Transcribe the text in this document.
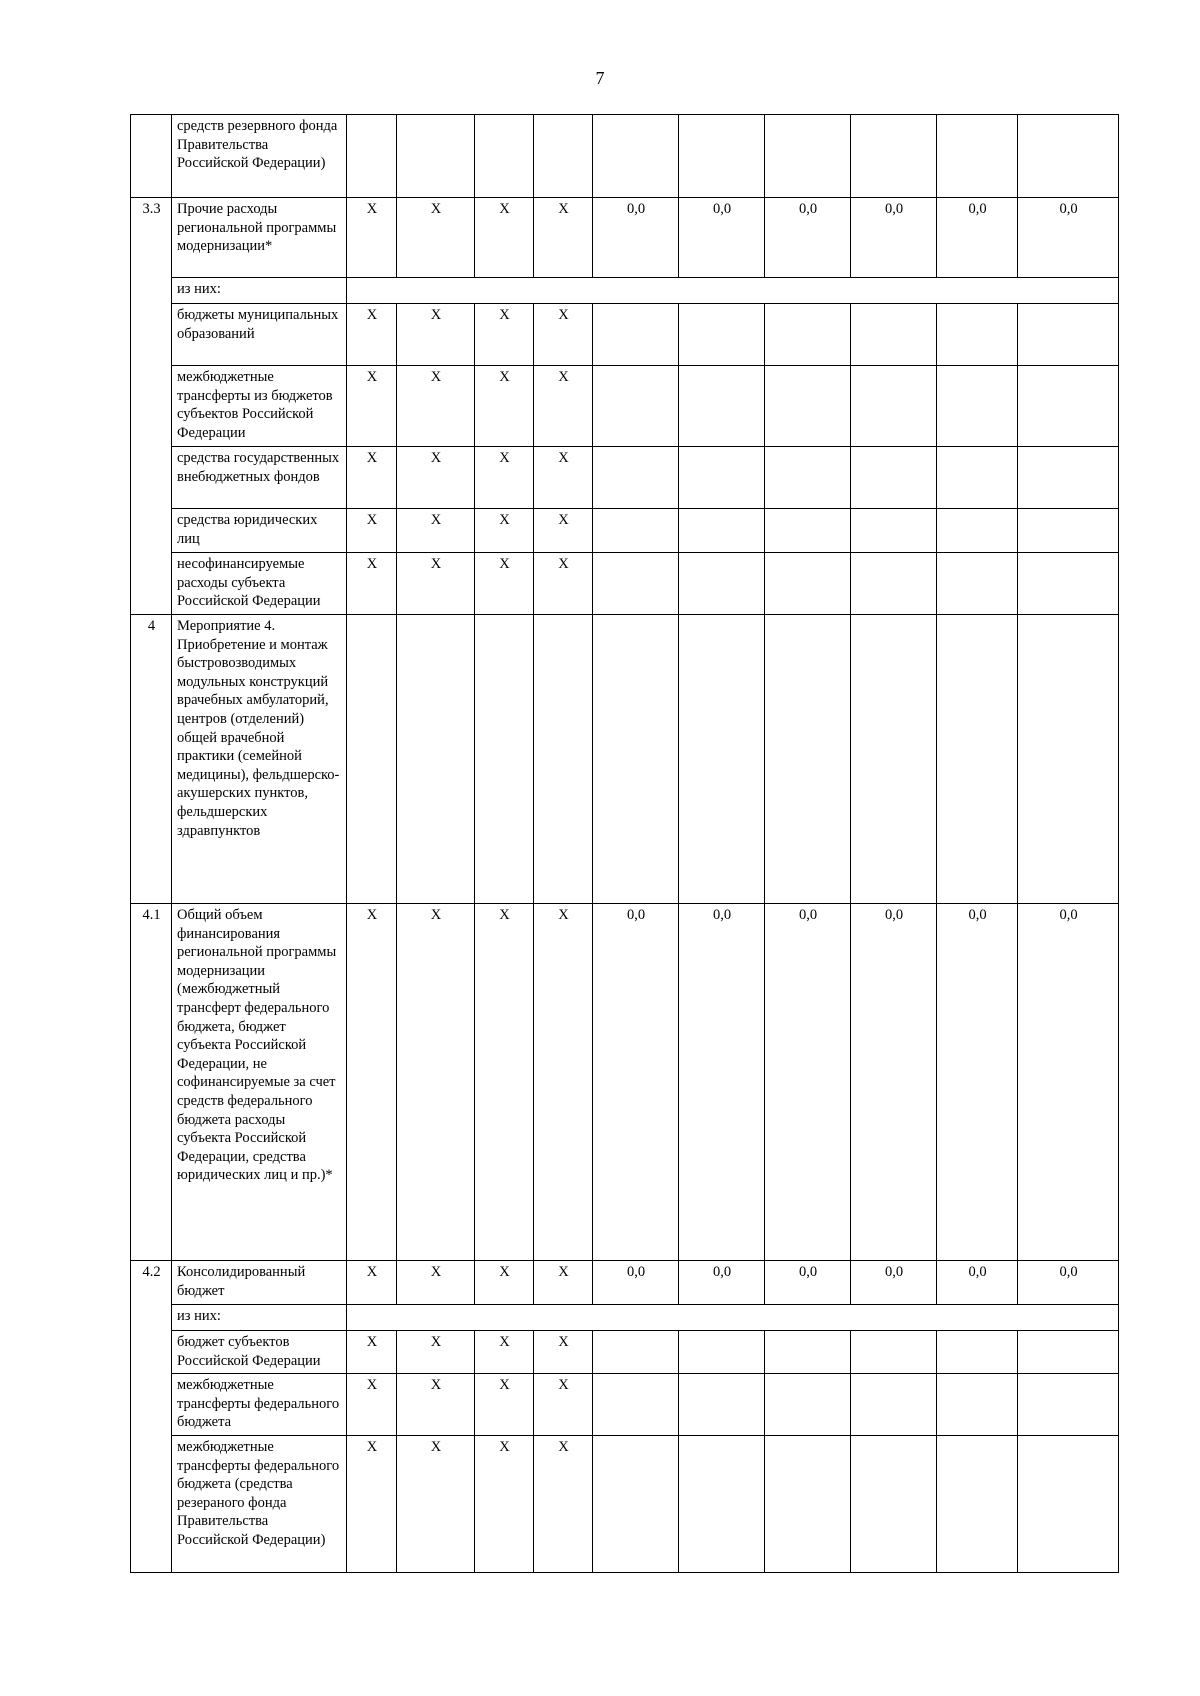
7
	средств резервного фонда Правительства Российской Федерации)										
3.3	Прочие расходы региональной программы модернизации*	X	X	X	X	0,0	0,0	0,0	0,0	0,0	0,0
	из них:										
	бюджеты муниципальных образований	X	X	X	X						
	межбюджетные трансферты из бюджетов субъектов Российской Федерации	X	X	X	X						
	средства государственных внебюджетных фондов	X	X	X	X						
	средства юридических лиц	X	X	X	X						
	несофинансируемые расходы субъекта Российской Федерации	X	X	X	X						
4	Мероприятие 4. Приобретение и монтаж быстровозводимых модульных конструкций врачебных амбулаторий, центров (отделений) общей врачебной практики (семейной медицины), фельдшерско-акушерских пунктов, фельдшерских здравпунктов										
4.1	Общий объем финансирования региональной программы модернизации (межбюджетный трансферт федерального бюджета, бюджет субъекта Российской Федерации, не софинансируемые за счет средств федерального бюджета расходы субъекта Российской Федерации, средства юридических лиц и пр.)*	X	X	X	X	0,0	0,0	0,0	0,0	0,0	0,0
4.2	Консолидированный бюджет	X	X	X	X	0,0	0,0	0,0	0,0	0,0	0,0
	из них:										
	бюджет субъектов Российской Федерации	X	X	X	X						
	межбюджетные трансферты федерального бюджета	X	X	X	X						
	межбюджетные трансферты федерального бюджета (средства резерaного фонда Правительства Российской Федерации)	X	X	X	X						
